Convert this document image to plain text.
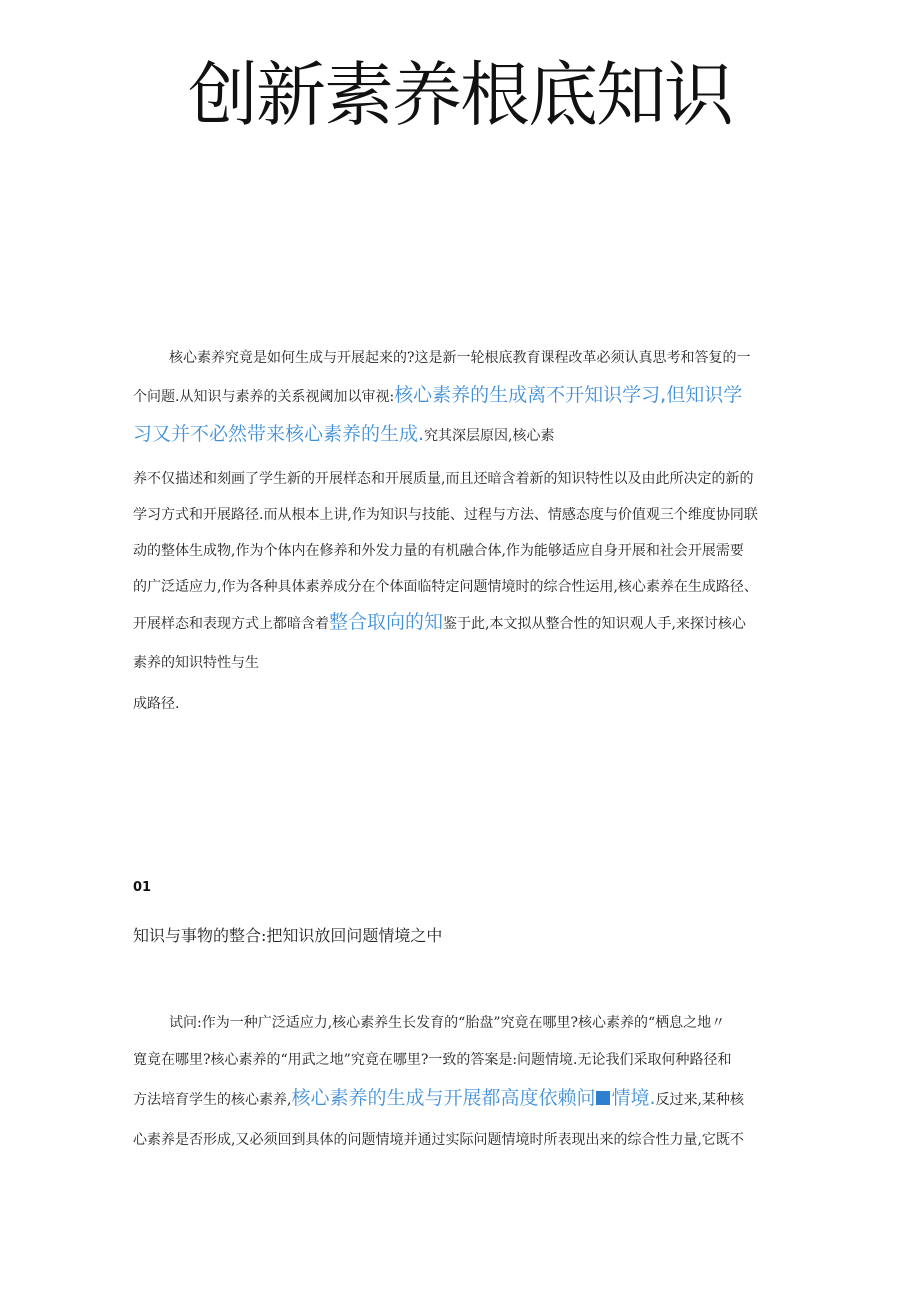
创新素养根底知识
核心素养究竟是如何生成与开展起来的?这是新一轮根底教育课程改革必须认真思考和答复的一
个问题.从知识与素养的关系视阈加以审视:核心素养的生成离不开知识学习,但知识学
习又并不必然带来核心素养的生成.究其深层原因,核心素
养不仅描述和刻画了学生新的开展样态和开展质量,而且还暗含着新的知识特性以及由此所决定的新的
学习方式和开展路径.而从根本上讲,作为知识与技能、过程与方法、情感态度与价值观三个维度协同联
动的整体生成物,作为个体内在修养和外发力量的有机融合体,作为能够适应自身开展和社会开展需要
的广泛适应力,作为各种具体素养成分在个体面临特定问题情境时的综合性运用,核心素养在生成路径、
开展样态和表现方式上都暗含着整合取向的知鉴于此,本文拟从整合性的知识观人手,来探讨核心
素养的知识特性与生
成路径.
01
知识与事物的整合:把知识放回问题情境之中
试问:作为一种广泛适应力,核心素养生长发育的“胎盘”究竟在哪里?核心素养的“栖息之地〃
寛竟在哪里?核心素养的“用武之地”究竟在哪里?一致的答案是:问题情境.无论我们采取何种路径和
方法培育学生的核心素养,核心素养的生成与开展都高度依赖问 情境.反过来,某种核
心素养是否形成,又必须回到具体的问题情境并通过实际问题情境时所表现出来的综合性力量,它既不
